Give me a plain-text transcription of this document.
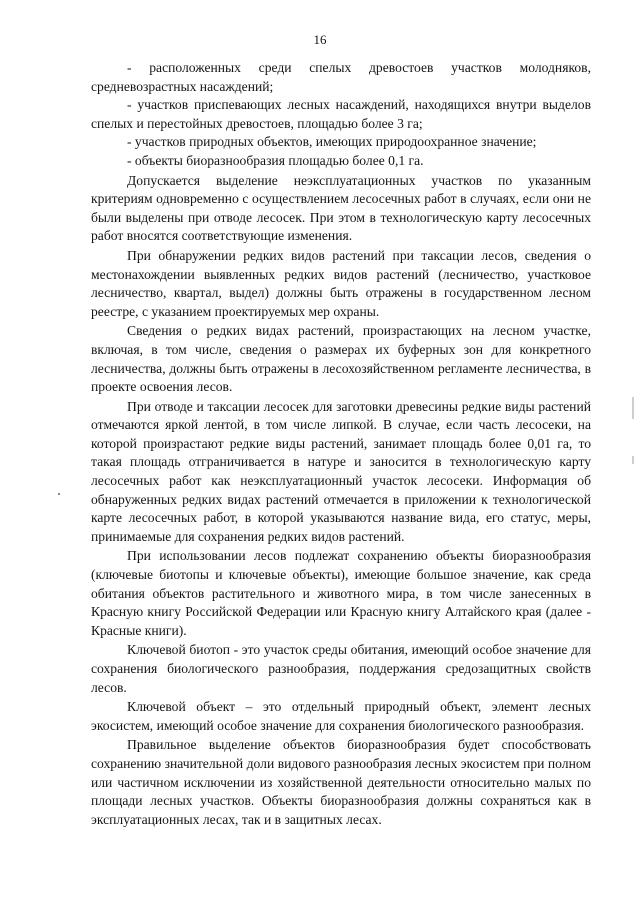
16

- расположенных среди спелых древостоев участков молодняков, средневозрастных насаждений;

- участков приспевающих лесных насаждений, находящихся внутри выделов спелых и перестойных древостоев, площадью более 3 га;

- участков природных объектов, имеющих природоохранное значение;

- объекты биоразнообразия площадью более 0,1 га.

Допускается выделение неэксплуатационных участков по указанным критериям одновременно с осуществлением лесосечных работ в случаях, если они не были выделены при отводе лесосек. При этом в технологическую карту лесосечных работ вносятся соответствующие изменения.

При обнаружении редких видов растений при таксации лесов, сведения о местонахождении выявленных редких видов растений (лесничество, участковое лесничество, квартал, выдел) должны быть отражены в государственном лесном реестре, с указанием проектируемых мер охраны.

Сведения о редких видах растений, произрастающих на лесном участке, включая, в том числе, сведения о размерах их буферных зон для конкретного лесничества, должны быть отражены в лесохозяйственном регламенте лесничества, в проекте освоения лесов.

При отводе и таксации лесосек для заготовки древесины редкие виды растений отмечаются яркой лентой, в том числе липкой. В случае, если часть лесосеки, на которой произрастают редкие виды растений, занимает площадь более 0,01 га, то такая площадь отграничивается в натуре и заносится в технологическую карту лесосечных работ как неэксплуатационный участок лесосеки. Информация об обнаруженных редких видах растений отмечается в приложении к технологической карте лесосечных работ, в которой указываются название вида, его статус, меры, принимаемые для сохранения редких видов растений.

При использовании лесов подлежат сохранению объекты биоразнообразия (ключевые биотопы и ключевые объекты), имеющие большое значение, как среда обитания объектов растительного и животного мира, в том числе занесенных в Красную книгу Российской Федерации или Красную книгу Алтайского края (далее - Красные книги).

Ключевой биотоп - это участок среды обитания, имеющий особое значение для сохранения биологического разнообразия, поддержания средозащитных свойств лесов.

Ключевой объект – это отдельный природный объект, элемент лесных экосистем, имеющий особое значение для сохранения биологического разнообразия.

Правильное выделение объектов биоразнообразия будет способствовать сохранению значительной доли видового разнообразия лесных экосистем при полном или частичном исключении из хозяйственной деятельности относительно малых по площади лесных участков. Объекты биоразнообразия должны сохраняться как в эксплуатационных лесах, так и в защитных лесах.
